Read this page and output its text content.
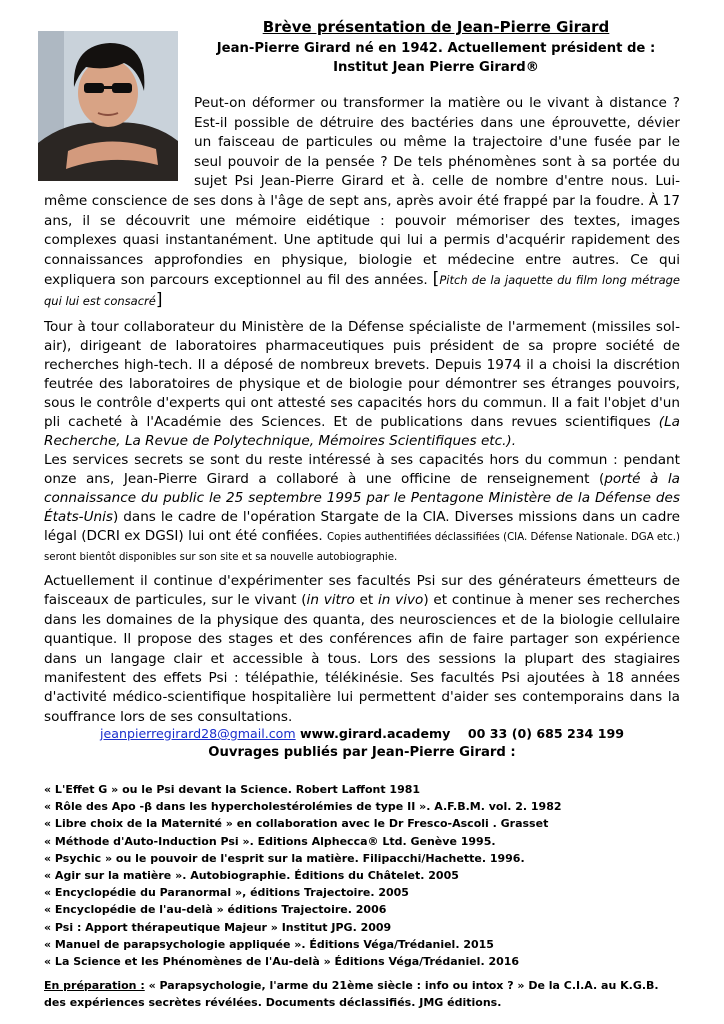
Brève présentation de Jean-Pierre Girard
Jean-Pierre Girard né en 1942. Actuellement président de :
Institut Jean Pierre Girard®
Peut-on déformer ou transformer la matière ou le vivant à distance ? Est-il possible de détruire des bactéries dans une éprouvette, dévier un faisceau de particules ou même la trajectoire d'une fusée par le seul pouvoir de la pensée ? De tels phénomènes sont à sa portée du sujet Psi Jean-Pierre Girard et à. celle de nombre d'entre nous. Lui-même conscience de ses dons à l'âge de sept ans, après avoir été frappé par la foudre. À 17 ans, il se découvrit une mémoire eidétique : pouvoir mémoriser des textes, images complexes quasi instantanément. Une aptitude qui lui a permis d'acquérir rapidement des connaissances approfondies en physique, biologie et médecine entre autres. Ce qui expliquera son parcours exceptionnel au fil des années. [Pitch de la jaquette du film long métrage qui lui est consacré]
Tour à tour collaborateur du Ministère de la Défense spécialiste de l'armement (missiles sol-air), dirigeant de laboratoires pharmaceutiques puis président de sa propre société de recherches high-tech. Il a déposé de nombreux brevets. Depuis 1974 il a choisi la discrétion feutrée des laboratoires de physique et de biologie pour démontrer ses étranges pouvoirs, sous le contrôle d'experts qui ont attesté ses capacités hors du commun. Il a fait l'objet d'un pli cacheté à l'Académie des Sciences. Et de publications dans revues scientifiques (La Recherche, La Revue de Polytechnique, Mémoires Scientifiques etc.).
Les services secrets se sont du reste intéressé à ses capacités hors du commun : pendant onze ans, Jean-Pierre Girard a collaboré à une officine de renseignement (porté à la connaissance du public le 25 septembre 1995 par le Pentagone Ministère de la Défense des États-Unis) dans le cadre de l'opération Stargate de la CIA. Diverses missions dans un cadre légal (DCRI ex DGSI) lui ont été confiées. Copies authentifiées déclassifiées (CIA. Défense Nationale. DGA etc.) seront bientôt disponibles sur son site et sa nouvelle autobiographie.
Actuellement il continue d'expérimenter ses facultés Psi sur des générateurs émetteurs de faisceaux de particules, sur le vivant (in vitro et in vivo) et continue à mener ses recherches dans les domaines de la physique des quanta, des neurosciences et de la biologie cellulaire quantique. Il propose des stages et des conférences afin de faire partager son expérience dans un langage clair et accessible à tous. Lors des sessions la plupart des stagiaires manifestent des effets Psi : télépathie, télékinésie. Ses facultés Psi ajoutées à 18 années d'activité médico-scientifique hospitalière lui permettent d'aider ses contemporains dans la souffrance lors de ses consultations.
jeanpierregirard28@gmail.com www.girard.academy 00 33 (0) 685 234 199
Ouvrages publiés par Jean-Pierre Girard :
« L'Effet G » ou le Psi devant la Science. Robert Laffont 1981
« Rôle des Apo -β dans les hypercholestérolémies de type II ». A.F.B.M. vol. 2. 1982
« Libre choix de la Maternité » en collaboration avec le Dr Fresco-Ascoli . Grasset
« Méthode d'Auto-Induction Psi ». Editions Alphecca® Ltd. Genève 1995.
« Psychic » ou le pouvoir de l'esprit sur la matière. Filipacchi/Hachette. 1996.
« Agir sur la matière ». Autobiographie. Éditions du Châtelet. 2005
« Encyclopédie du Paranormal », éditions Trajectoire. 2005
« Encyclopédie de l'au-delà » éditions Trajectoire. 2006
« Psi : Apport thérapeutique Majeur » Institut JPG. 2009
« Manuel de parapsychologie appliquée ». Éditions Véga/Trédaniel. 2015
« La Science et les Phénomènes de l'Au-delà » Éditions Véga/Trédaniel. 2016
En préparation : « Parapsychologie, l'arme du 21ème siècle : info ou intox ? » De la C.I.A. au K.G.B. des expériences secrètes révélées. Documents déclassifiés. JMG éditions.
